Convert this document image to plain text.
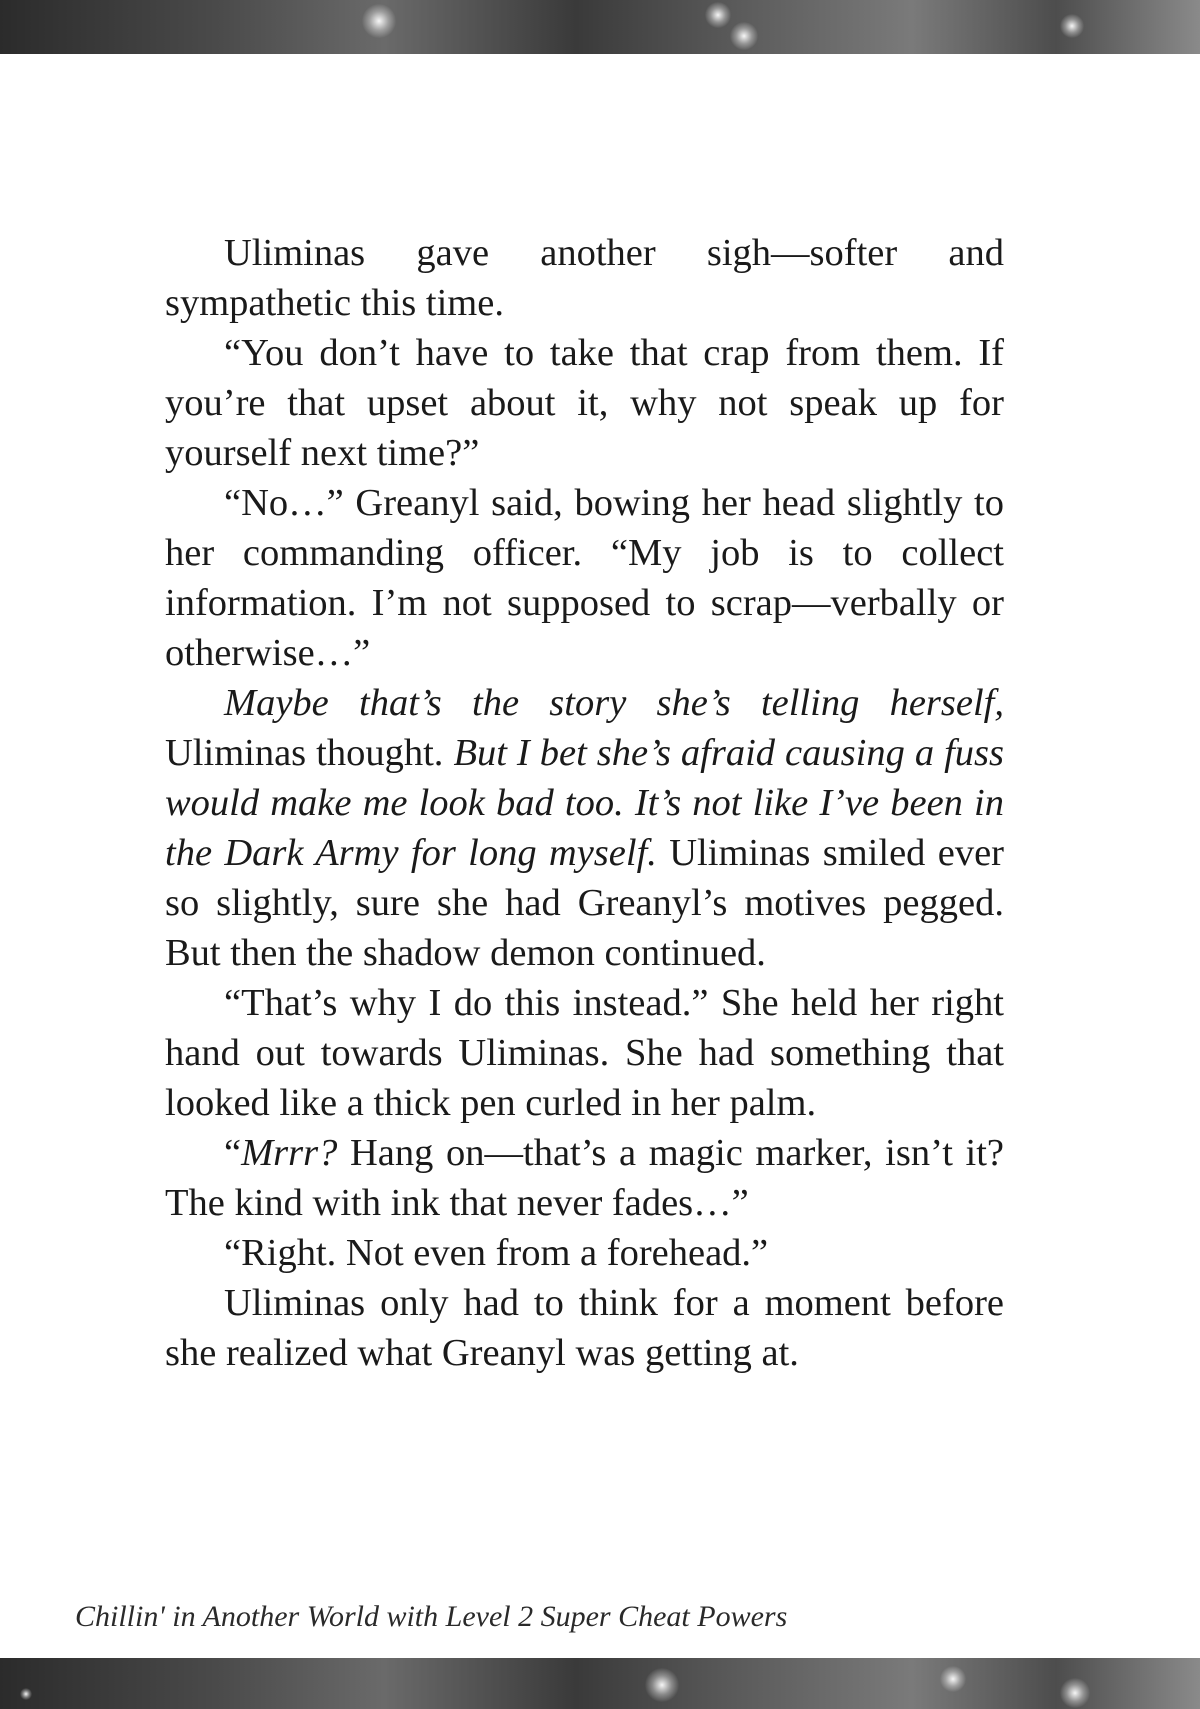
Uliminas gave another sigh—softer and sympathetic this time.

“You don’t have to take that crap from them. If you’re that upset about it, why not speak up for yourself next time?”

“No…” Greanyl said, bowing her head slightly to her commanding officer. “My job is to collect information. I’m not supposed to scrap—verbally or otherwise…”

Maybe that’s the story she’s telling herself, Uliminas thought. But I bet she’s afraid causing a fuss would make me look bad too. It’s not like I’ve been in the Dark Army for long myself. Uliminas smiled ever so slightly, sure she had Greanyl’s motives pegged. But then the shadow demon continued.

“That’s why I do this instead.” She held her right hand out towards Uliminas. She had something that looked like a thick pen curled in her palm.

“Mrrr? Hang on—that’s a magic marker, isn’t it? The kind with ink that never fades…”

“Right. Not even from a forehead.”

Uliminas only had to think for a moment before she realized what Greanyl was getting at.

Chillin' in Another World with Level 2 Super Cheat Powers
